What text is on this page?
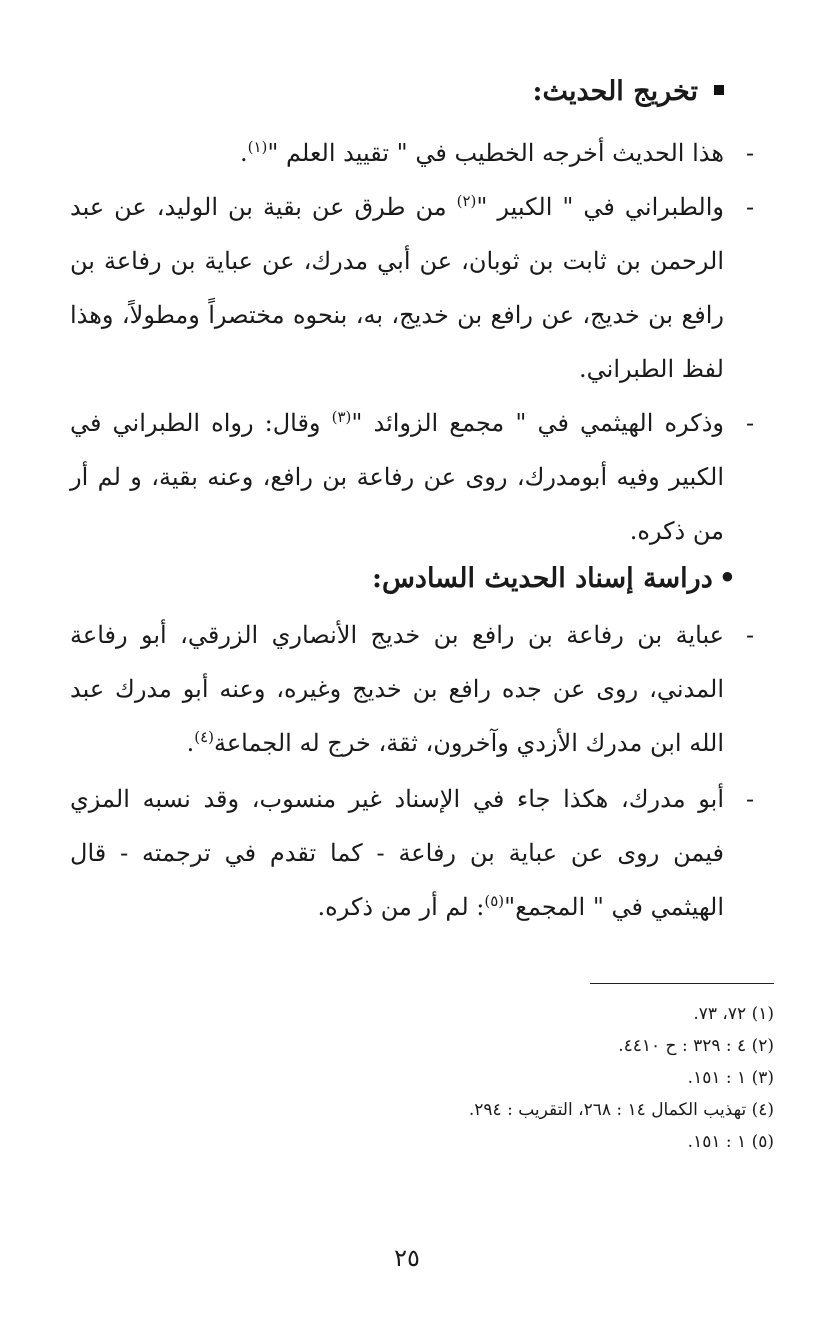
تخريج الحديث:
-
هذا الحديث أخرجه الخطيب في " تقييد العلم "$^{(١)}$.
-
والطبراني في " الكبير "$^{(٢)}$ من طرق عن بقية بن الوليد، عن عبد الرحمن بن ثابت بن ثوبان، عن أبي مدرك، عن عباية بن رفاعة بن رافع بن خديج، عن رافع بن خديج، به، بنحوه مختصراً ومطولاً، وهذا لفظ الطبراني.
-
وذكره الهيثمي في " مجمع الزوائد "$^{(٣)}$ وقال: رواه الطبراني في الكبير وفيه أبومدرك، روى عن رفاعة بن رافع، وعنه بقية، و لم أر من ذكره.
•دراسة إسناد الحديث السادس:
-
عباية بن رفاعة بن رافع بن خديج الأنصاري الزرقي، أبو رفاعة المدني، روى عن جده رافع بن خديج وغيره، وعنه أبو مدرك عبد الله ابن مدرك الأزدي وآخرون، ثقة، خرج له الجماعة$^{(٤)}$.
-
أبو مدرك، هكذا جاء في الإسناد غير منسوب، وقد نسبه المزي فيمن روى عن عباية بن رفاعة - كما تقدم في ترجمته - قال الهيثمي في " المجمع"$^{(٥)}$: لم أر من ذكره.
(١) ٧٢، ٧٣.
(٢) ٤ : ٣٢٩ : ح ٤٤١٠.
(٣) ١ : ١٥١.
(٤) تهذيب الكمال ١٤ : ٢٦٨، التقريب : ٢٩٤.
(٥) ١ : ١٥١.
٢٥
